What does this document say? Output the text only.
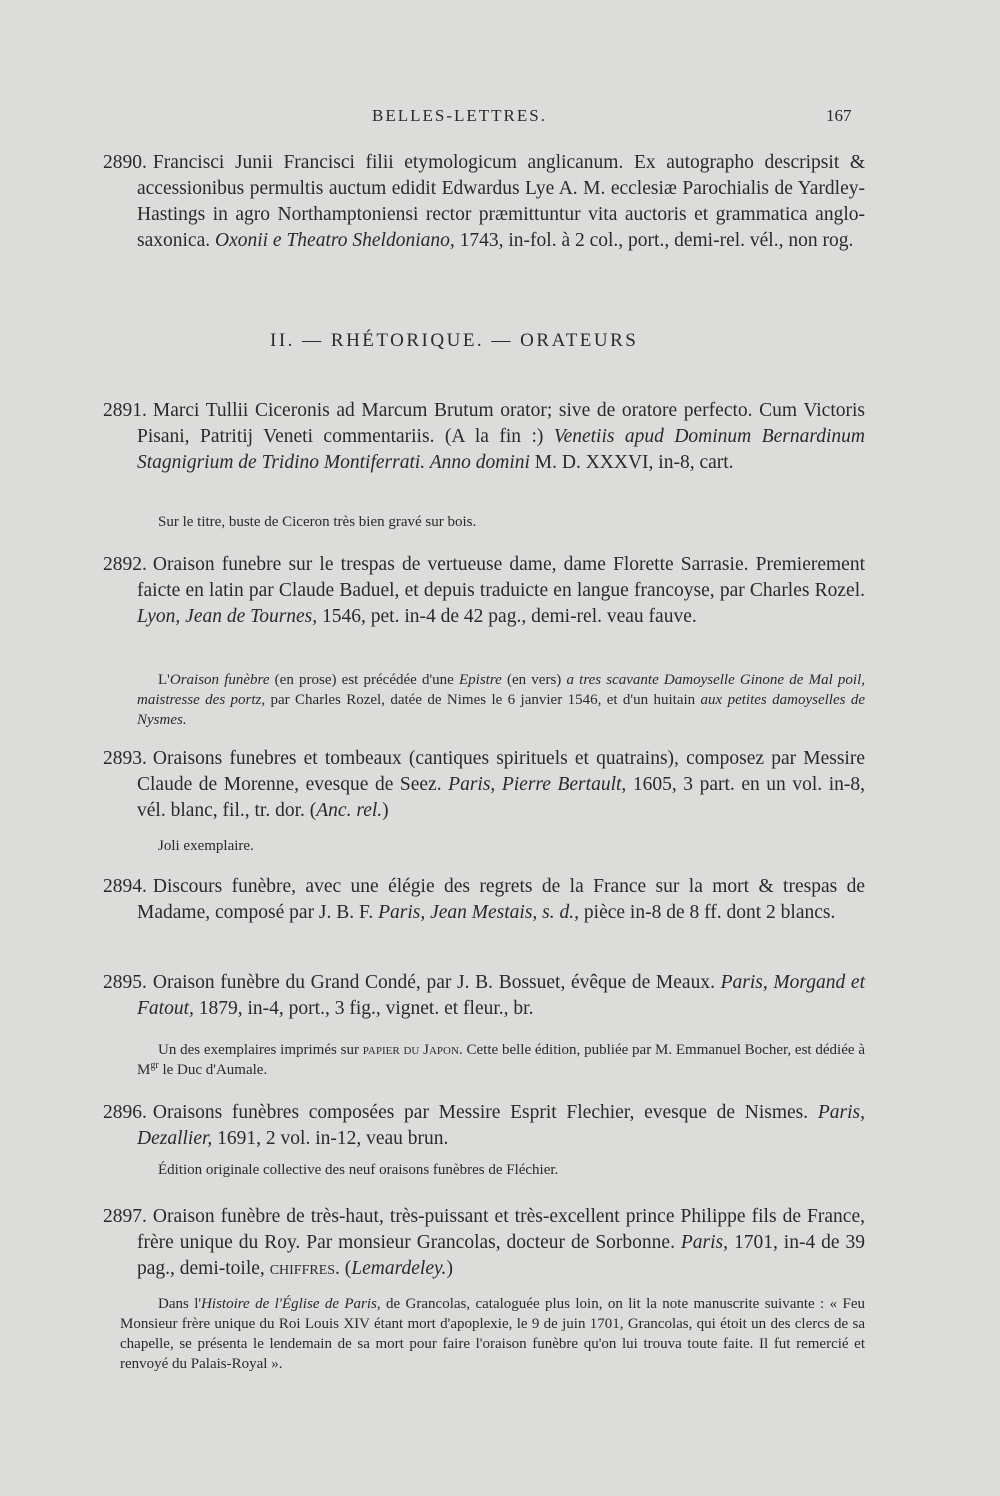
BELLES-LETTRES.	167

2890. Francisci Junii Francisci filii etymologicum anglicanum. Ex autographo descripsit & accessionibus permultis auctum edidit Edwardus Lye A. M. ecclesiæ Parochialis de Yardley-Hastings in agro Northamptoniensi rector præmittuntur vita auctoris et grammatica anglo-saxonica. Oxonii e Theatro Sheldoniano, 1743, in-fol. à 2 col., port., demi-rel. vél., non rog.

II. — RHÉTORIQUE. — ORATEURS

2891. Marci Tullii Ciceronis ad Marcum Brutum orator; sive de oratore perfecto. Cum Victoris Pisani, Patritij Veneti commentariis. (A la fin :) Venetiis apud Dominum Bernardinum Stagnigrium de Tridino Montiferrati. Anno domini M. D. XXXVI, in-8, cart.

Sur le titre, buste de Ciceron très bien gravé sur bois.

2892. Oraison funebre sur le trespas de vertueuse dame, dame Florette Sarrasie. Premierement faicte en latin par Claude Baduel, et depuis traduicte en langue francoyse, par Charles Rozel. Lyon, Jean de Tournes, 1546, pet. in-4 de 42 pag., demi-rel. veau fauve.

L'Oraison funèbre (en prose) est précédée d'une Epistre (en vers) a tres scavante Damoyselle Ginone de Mal poil, maistresse des portz, par Charles Rozel, datée de Nimes le 6 janvier 1546, et d'un huitain aux petites damoyselles de Nysmes.

2893. Oraisons funebres et tombeaux (cantiques spirituels et quatrains), composez par Messire Claude de Morenne, evesque de Seez. Paris, Pierre Bertault, 1605, 3 part. en un vol. in-8, vél. blanc, fil., tr. dor. (Anc. rel.)

Joli exemplaire.

2894. Discours funèbre, avec une élégie des regrets de la France sur la mort & trespas de Madame, composé par J. B. F. Paris, Jean Mestais, s. d., pièce in-8 de 8 ff. dont 2 blancs.

2895. Oraison funèbre du Grand Condé, par J. B. Bossuet, évêque de Meaux. Paris, Morgand et Fatout, 1879, in-4, port., 3 fig., vignet. et fleur., br.

Un des exemplaires imprimés sur papier du Japon. Cette belle édition, publiée par M. Emmanuel Bocher, est dédiée à $M^{gr}$ le Duc d'Aumale.

2896. Oraisons funèbres composées par Messire Esprit Flechier, evesque de Nismes. Paris, Dezallier, 1691, 2 vol. in-12, veau brun.

Édition originale collective des neuf oraisons funèbres de Fléchier.

2897. Oraison funèbre de très-haut, très-puissant et très-excellent prince Philippe fils de France, frère unique du Roy. Par monsieur Grancolas, docteur de Sorbonne. Paris, 1701, in-4 de 39 pag., demi-toile, chiffres. (Lemardeley.)

Dans l'Histoire de l'Église de Paris, de Grancolas, cataloguée plus loin, on lit la note manuscrite suivante : « Feu Monsieur frère unique du Roi Louis XIV étant mort d'apoplexie, le 9 de juin 1701, Grancolas, qui étoit un des clercs de sa chapelle, se présenta le lendemain de sa mort pour faire l'oraison funèbre qu'on lui trouva toute faite. Il fut remercié et renvoyé du Palais-Royal ».
